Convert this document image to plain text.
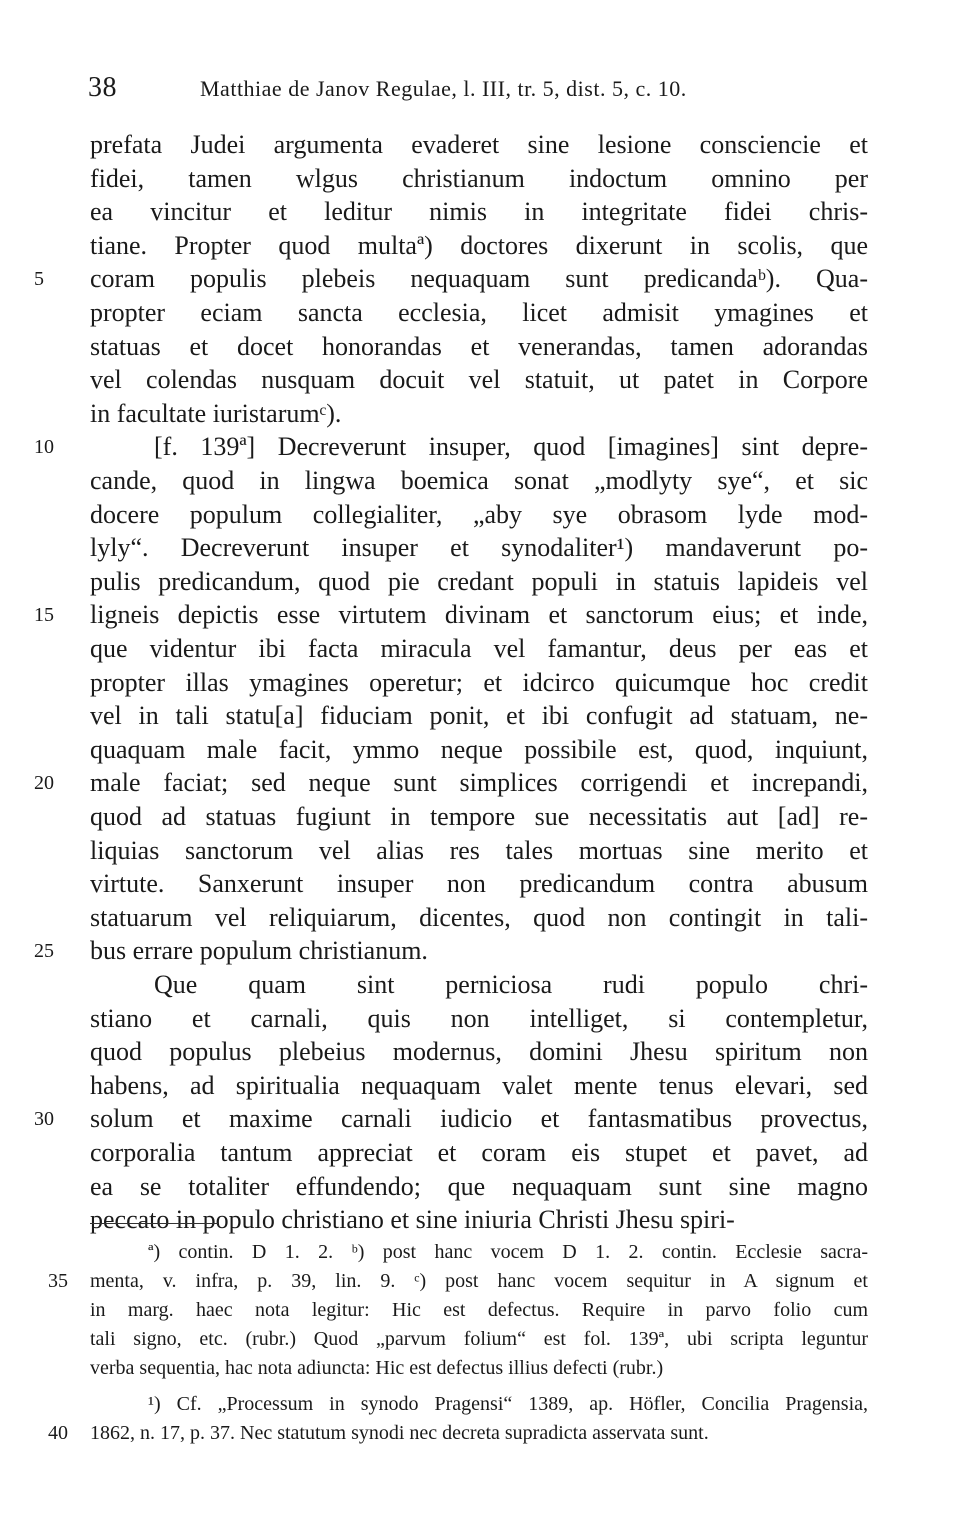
38	Matthiae de Janov Regulae, l. III, tr. 5, dist. 5, c. 10.
prefata Judei argumenta evaderet sine lesione consciencie et
fidei, tamen wlgus christianum indoctum omnino per
ea vincitur et leditur nimis in integritate fidei chris-
tiane. Propter quod multaª) doctores dixerunt in scolis, que
5	coram populis plebeis nequaquam sunt predicandaᵇ). Qua-
propter eciam sancta ecclesia, licet admisit ymagines et
statuas et docet honorandas et venerandas, tamen adorandas
vel colendas nusquam docuit vel statuit, ut patet in Corpore
in facultate iuristarumᶜ).
10	[f. 139ª] Decreverunt insuper, quod [imagines] sint depre-
cande, quod in lingwa boemica sonat „modlyty sye“, et sic
docere populum collegialiter, „aby sye obrasom lyde mod-
lyly“. Decreverunt insuper et synodaliter¹) mandaverunt po-
pulis predicandum, quod pie credant populi in statuis lapideis vel
15	ligneis depictis esse virtutem divinam et sanctorum eius; et inde,
que videntur ibi facta miracula vel famantur, deus per eas et
propter illas ymagines operetur; et idcirco quicumque hoc credit
vel in tali statu[a] fiduciam ponit, et ibi confugit ad statuam, ne-
quaquam male facit, ymmo neque possibile est, quod, inquiunt,
20	male faciat; sed neque sunt simplices corrigendi et increpandi,
quod ad statuas fugiunt in tempore sue necessitatis aut [ad] re-
liquias sanctorum vel alias res tales mortuas sine merito et
virtute. Sanxerunt insuper non predicandum contra abusum
statuarum vel reliquiarum, dicentes, quod non contingit in tali-
25	bus errare populum christianum.
Que quam sint perniciosa rudi populo chri-
stiano et carnali, quis non intelliget, si contempletur,
quod populus plebeius modernus, domini Jhesu spiritum non
habens, ad spiritualia nequaquam valet mente tenus elevari, sed
30	solum et maxime carnali iudicio et fantasmatibus provectus,
corporalia tantum appreciat et coram eis stupet et pavet, ad
ea se totaliter effundendo; que nequaquam sunt sine magno
peccato in populo christiano et sine iniuria Christi Jhesu spiri-
ª) contin. D 1. 2. ᵇ) post hanc vocem D 1. 2. contin. Ecclesie sacra-
35	menta, v. infra, p. 39, lin. 9. ᶜ) post hanc vocem sequitur in A signum et
in marg. haec nota legitur: Hic est defectus. Require in parvo folio cum
tali signo, etc. (rubr.) Quod „parvum folium“ est fol. 139ª, ubi scripta leguntur
verba sequentia, hac nota adiuncta: Hic est defectus illius defecti (rubr.)
¹) Cf. „Processum in synodo Pragensi“ 1389, ap. Höfler, Concilia Pragensia,
40	1862, n. 17, p. 37. Nec statutum synodi nec decreta supradicta asservata sunt.
